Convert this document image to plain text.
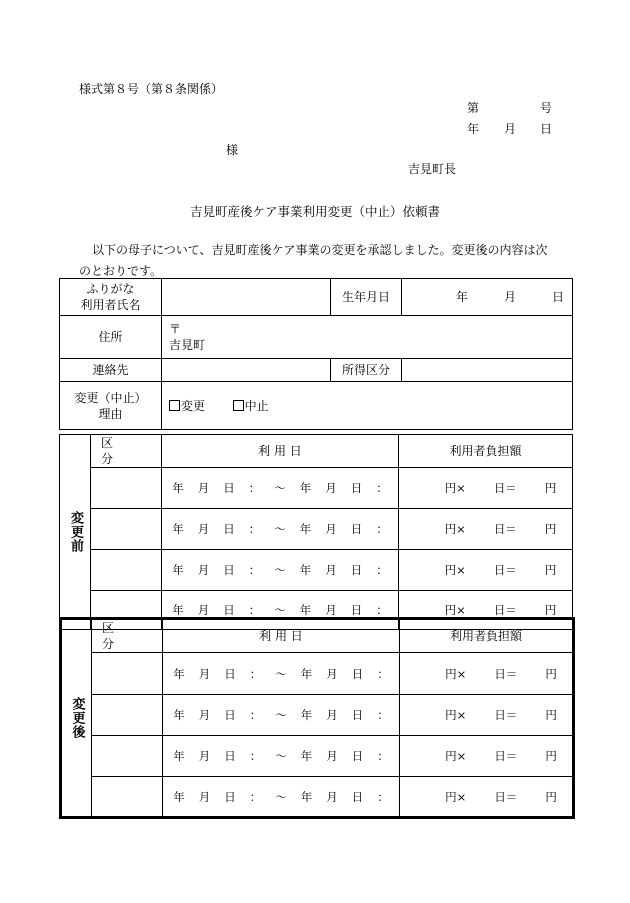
様式第８号（第８条関係）
第	号
年 月 日
様
吉見町長
吉見町産後ケア事業利用変更（中止）依頼書
以下の母子について、吉見町産後ケア事業の変更を承認しました。変更後の内容は次
のとおりです。
ふりがな
利用者氏名		生年月日	年 月 日
住所	〒
吉見町		

連絡先		所得区分	

変更（中止）
理由	変更 中止		
変更前	区分	利 用 日	利用者負担額
		年 月 日 ： ～ 年 月 日 ：	円× 日＝ 円
		年 月 日 ： ～ 年 月 日 ：	円× 日＝ 円
		年 月 日 ： ～ 年 月 日 ：	円× 日＝ 円
		年 月 日 ： ～ 年 月 日 ：	円× 日＝ 円
変更後	区分	利 用 日	利用者負担額
		年 月 日 ： ～ 年 月 日 ：	円× 日＝ 円
		年 月 日 ： ～ 年 月 日 ：	円× 日＝ 円
		年 月 日 ： ～ 年 月 日 ：	円× 日＝ 円
		年 月 日 ： ～ 年 月 日 ：	円× 日＝ 円
